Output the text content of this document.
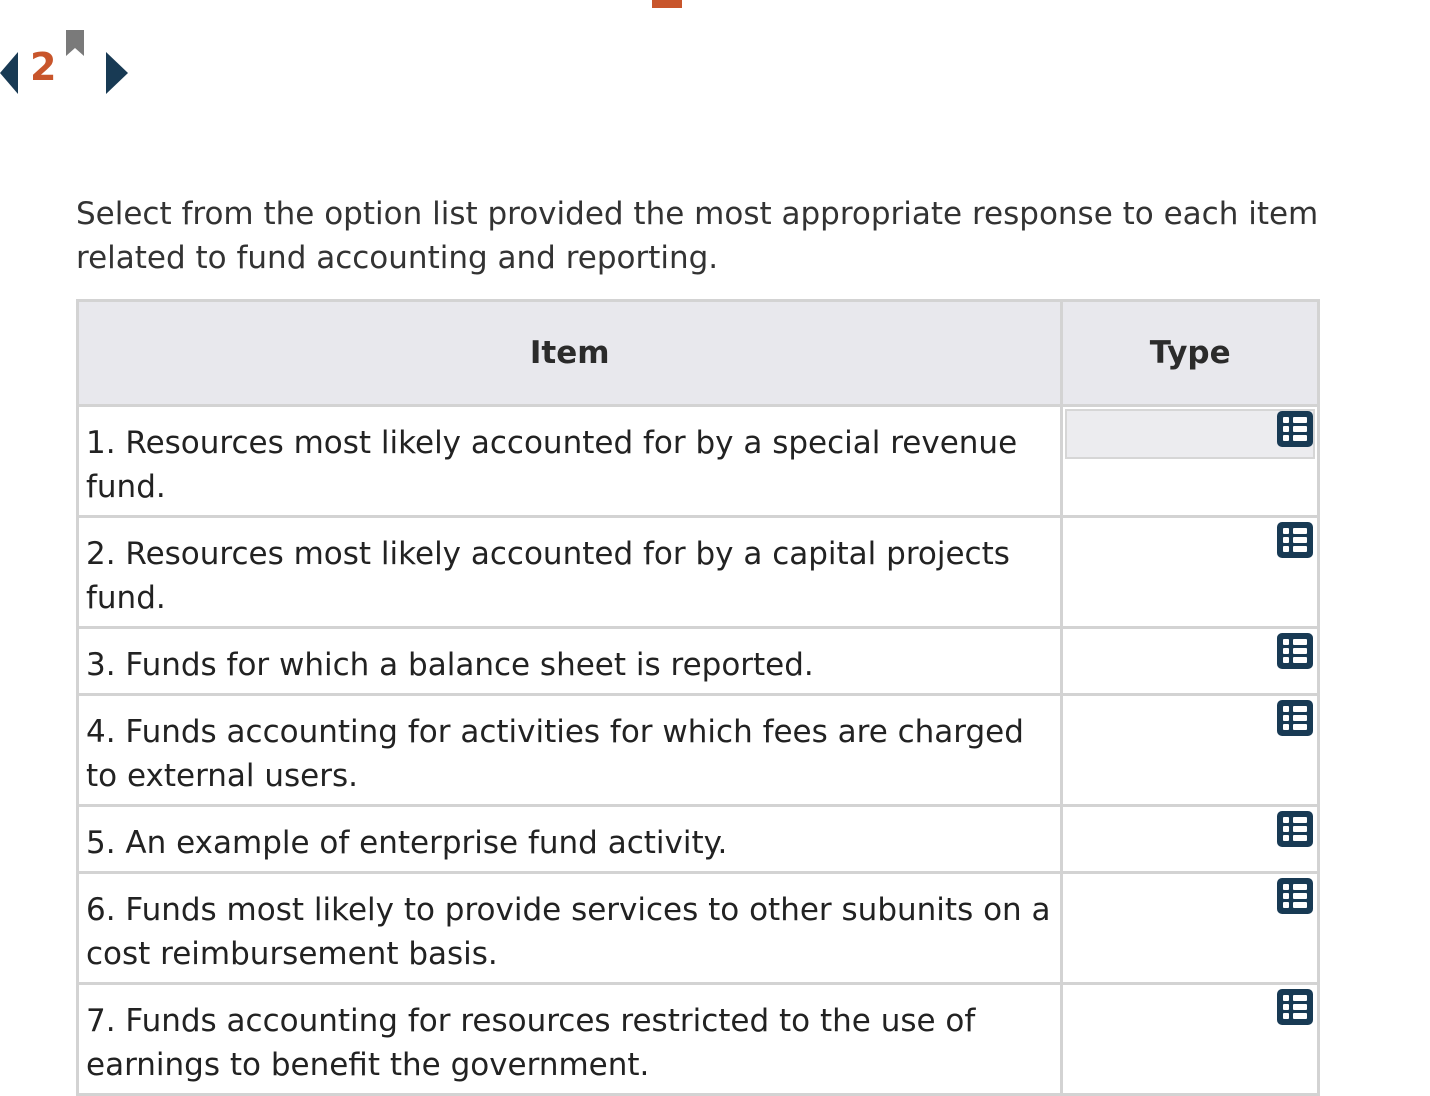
2

Select from the option list provided the most appropriate response to each item related to fund accounting and reporting.

Item	Type
1. Resources most likely accounted for by a special revenue fund.	

2. Resources most likely accounted for by a capital projects fund.	

3. Funds for which a balance sheet is reported.	

4. Funds accounting for activities for which fees are charged to external users.	

5. An example of enterprise fund activity.	

6. Funds most likely to provide services to other subunits on a cost reimbursement basis.	

7. Funds accounting for resources restricted to the use of earnings to benefit the government.	
